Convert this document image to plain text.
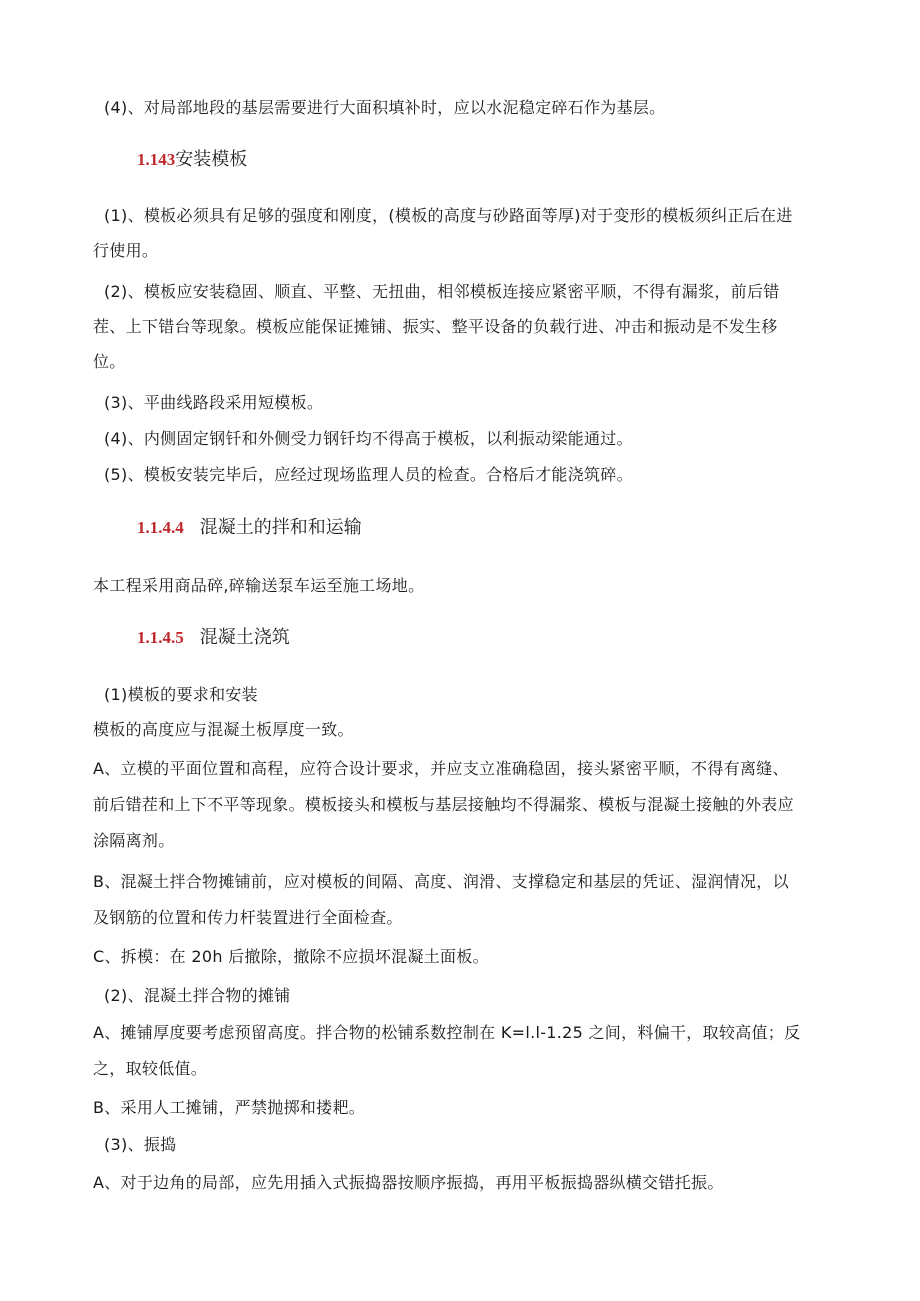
(4)、对局部地段的基层需要进行大面积填补时，应以水泥稳定碎石作为基层。
1.143安装模板
(1)、模板必须具有足够的强度和刚度，(模板的高度与砂路面等厚)对于变形的模板须纠正后在进
行使用。
(2)、模板应安装稳固、顺直、平整、无扭曲，相邻模板连接应紧密平顺，不得有漏浆，前后错
茬、上下错台等现象。模板应能保证摊铺、振实、整平设备的负载行进、冲击和振动是不发生移
位。
(3)、平曲线路段采用短模板。
(4)、内侧固定钢钎和外侧受力钢钎均不得高于模板，以利振动梁能通过。
(5)、模板安装完毕后，应经过现场监理人员的检查。合格后才能浇筑碎。
1.1.4.4 混凝土的拌和和运输
本工程采用商品碎,碎输送泵车运至施工场地。
1.1.4.5 混凝土浇筑
(1)模板的要求和安装
模板的高度应与混凝土板厚度一致。
A、立模的平面位置和高程，应符合设计要求，并应支立准确稳固，接头紧密平顺，不得有离缝、
前后错茬和上下不平等现象。模板接头和模板与基层接触均不得漏浆、模板与混凝土接触的外表应
涂隔离剂。
B、混凝土拌合物摊铺前，应对模板的间隔、高度、润滑、支撑稳定和基层的凭证、湿润情况，以
及钢筋的位置和传力杆装置进行全面检查。
C、拆模：在 20h 后撤除，撤除不应损坏混凝土面板。
(2)、混凝土拌合物的摊铺
A、摊铺厚度要考虑预留高度。拌合物的松铺系数控制在 K=l.l-1.25 之间，料偏干，取较高值；反
之，取较低值。
B、采用人工摊铺，严禁抛掷和搂耙。
(3)、振捣
A、对于边角的局部，应先用插入式振捣器按顺序振捣，再用平板振捣器纵横交错托振。
